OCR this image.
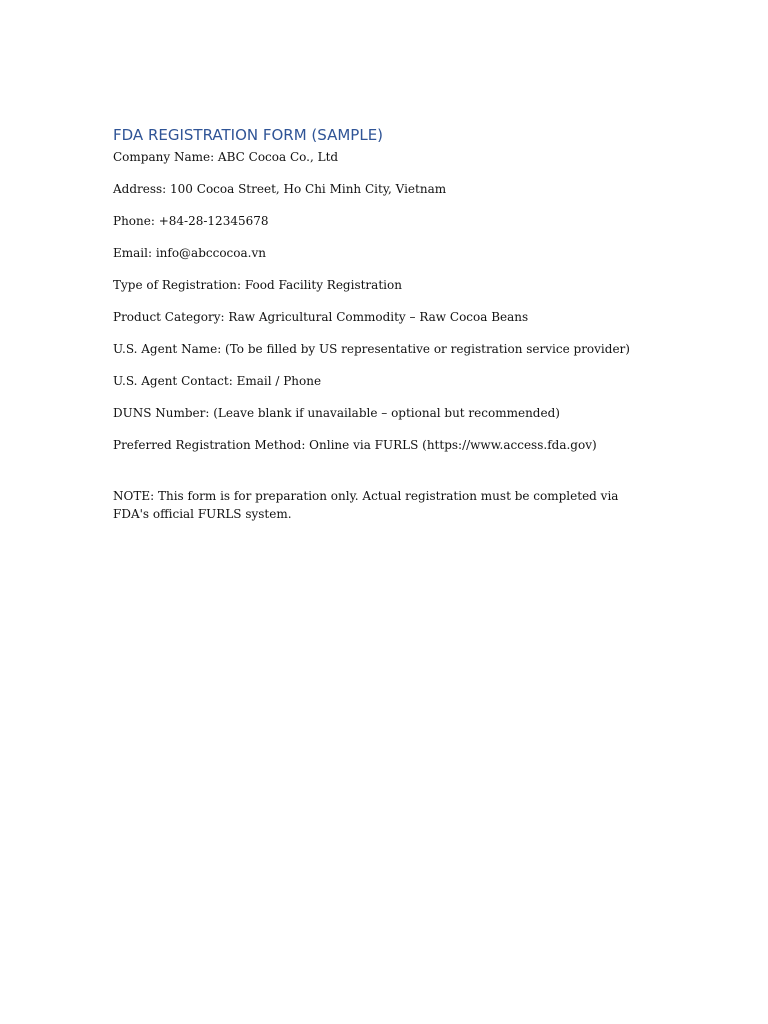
FDA REGISTRATION FORM (SAMPLE)
Company Name: ABC Cocoa Co., Ltd
Address: 100 Cocoa Street, Ho Chi Minh City, Vietnam
Phone: +84-28-12345678
Email: info@abccocoa.vn
Type of Registration: Food Facility Registration
Product Category: Raw Agricultural Commodity – Raw Cocoa Beans
U.S. Agent Name: (To be filled by US representative or registration service provider)
U.S. Agent Contact: Email / Phone
DUNS Number: (Leave blank if unavailable – optional but recommended)
Preferred Registration Method: Online via FURLS (https://www.access.fda.gov)
NOTE: This form is for preparation only. Actual registration must be completed via FDA's official FURLS system.
